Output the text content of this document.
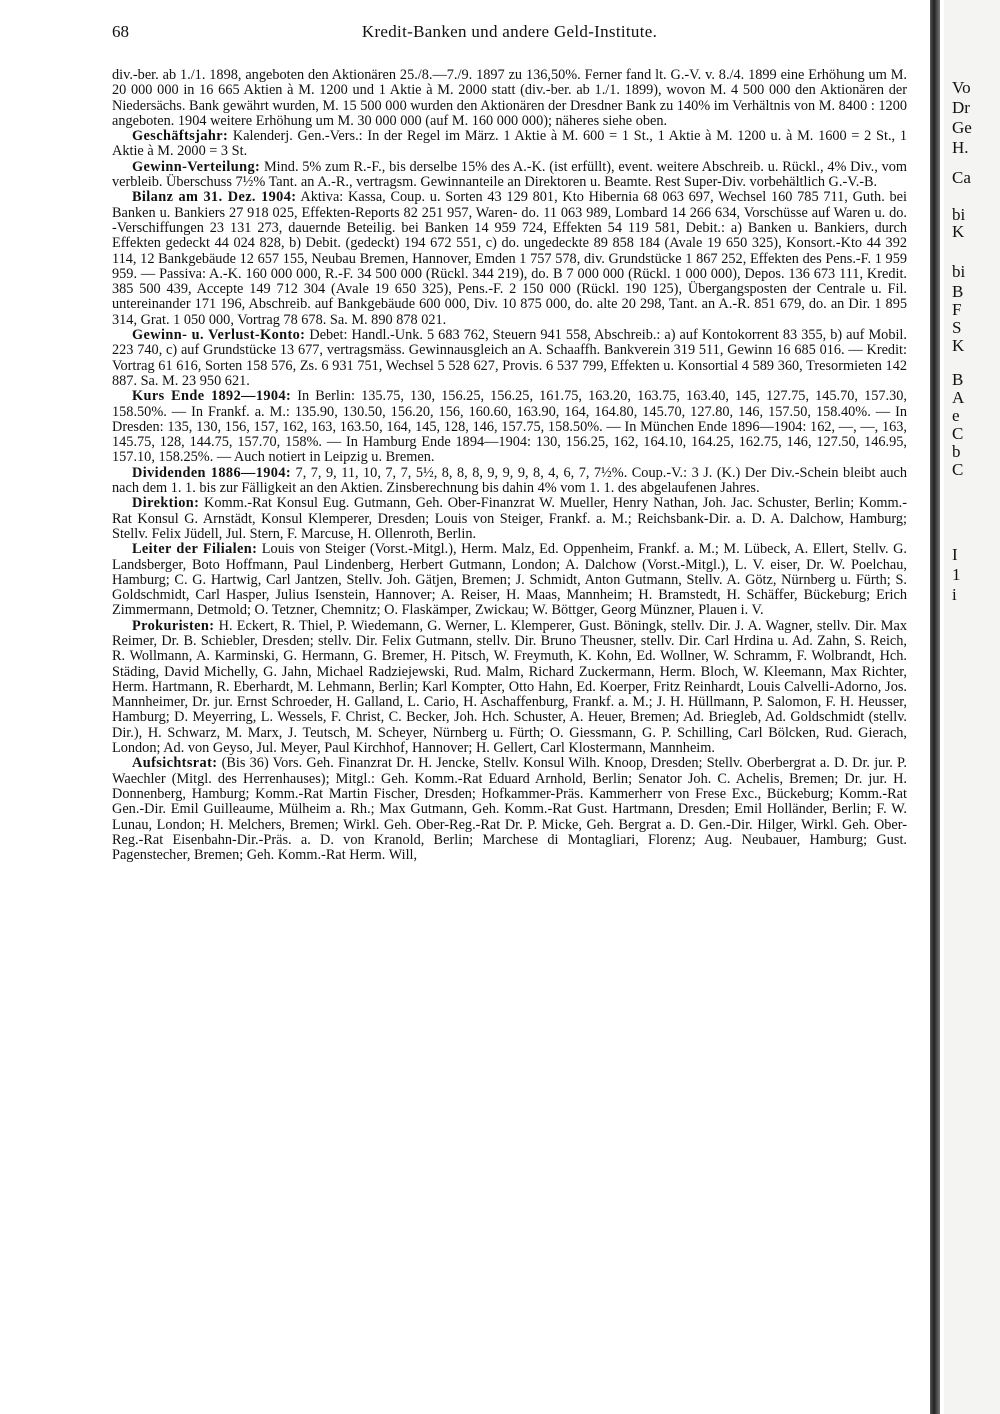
68	Kredit-Banken und andere Geld-Institute.

div.-ber. ab 1./1. 1898, angeboten den Aktionären 25./8.—7./9. 1897 zu 136,50%. Ferner fand lt. G.-V. v. 8./4. 1899 eine Erhöhung um M. 20 000 000 in 16 665 Aktien à M. 1200 und 1 Aktie à M. 2000 statt (div.-ber. ab 1./1. 1899), wovon M. 4 500 000 den Aktionären der Niedersächs. Bank gewährt wurden, M. 15 500 000 wurden den Aktionären der Dresdner Bank zu 140% im Verhältnis von M. 8400 : 1200 angeboten. 1904 weitere Erhöhung um M. 30 000 000 (auf M. 160 000 000); näheres siehe oben.

Geschäftsjahr: Kalenderj. Gen.-Vers.: In der Regel im März. 1 Aktie à M. 600 = 1 St., 1 Aktie à M. 1200 u. à M. 1600 = 2 St., 1 Aktie à M. 2000 = 3 St.

Gewinn-Verteilung: Mind. 5% zum R.-F., bis derselbe 15% des A.-K. (ist erfüllt), event. weitere Abschreib. u. Rückl., 4% Div., vom verbleib. Überschuss 7½% Tant. an A.-R., vertragsm. Gewinnanteile an Direktoren u. Beamte. Rest Super-Div. vorbehältlich G.-V.-B.

Bilanz am 31. Dez. 1904: Aktiva: Kassa, Coup. u. Sorten 43 129 801, Kto Hibernia 68 063 697, Wechsel 160 785 711, Guth. bei Banken u. Bankiers 27 918 025, Effekten-Reports 82 251 957, Waren- do. 11 063 989, Lombard 14 266 634, Vorschüsse auf Waren u. do. -Verschiffungen 23 131 273, dauernde Beteilig. bei Banken 14 959 724, Effekten 54 119 581, Debit.: a) Banken u. Bankiers, durch Effekten gedeckt 44 024 828, b) Debit. (gedeckt) 194 672 551, c) do. ungedeckte 89 858 184 (Avale 19 650 325), Konsort.-Kto 44 392 114, 12 Bankgebäude 12 657 155, Neubau Bremen, Hannover, Emden 1 757 578, div. Grundstücke 1 867 252, Effekten des Pens.-F. 1 959 959. — Passiva: A.-K. 160 000 000, R.-F. 34 500 000 (Rückl. 344 219), do. B 7 000 000 (Rückl. 1 000 000), Depos. 136 673 111, Kredit. 385 500 439, Accepte 149 712 304 (Avale 19 650 325), Pens.-F. 2 150 000 (Rückl. 190 125), Übergangsposten der Centrale u. Fil. untereinander 171 196, Abschreib. auf Bankgebäude 600 000, Div. 10 875 000, do. alte 20 298, Tant. an A.-R. 851 679, do. an Dir. 1 895 314, Grat. 1 050 000, Vortrag 78 678. Sa. M. 890 878 021.

Gewinn- u. Verlust-Konto: Debet: Handl.-Unk. 5 683 762, Steuern 941 558, Abschreib.: a) auf Kontokorrent 83 355, b) auf Mobil. 223 740, c) auf Grundstücke 13 677, vertragsmäss. Gewinnausgleich an A. Schaaffh. Bankverein 319 511, Gewinn 16 685 016. — Kredit: Vortrag 61 616, Sorten 158 576, Zs. 6 931 751, Wechsel 5 528 627, Provis. 6 537 799, Effekten u. Konsortial 4 589 360, Tresormieten 142 887. Sa. M. 23 950 621.

Kurs Ende 1892—1904: In Berlin: 135.75, 130, 156.25, 156.25, 161.75, 163.20, 163.75, 163.40, 145, 127.75, 145.70, 157.30, 158.50%. — In Frankf. a. M.: 135.90, 130.50, 156.20, 156, 160.60, 163.90, 164, 164.80, 145.70, 127.80, 146, 157.50, 158.40%. — In Dresden: 135, 130, 156, 157, 162, 163, 163.50, 164, 145, 128, 146, 157.75, 158.50%. — In München Ende 1896—1904: 162, —, —, 163, 145.75, 128, 144.75, 157.70, 158%. — In Hamburg Ende 1894—1904: 130, 156.25, 162, 164.10, 164.25, 162.75, 146, 127.50, 146.95, 157.10, 158.25%. — Auch notiert in Leipzig u. Bremen.

Dividenden 1886—1904: 7, 7, 9, 11, 10, 7, 7, 5½, 8, 8, 8, 9, 9, 9, 8, 4, 6, 7, 7½%. Coup.-V.: 3 J. (K.) Der Div.-Schein bleibt auch nach dem 1. 1. bis zur Fälligkeit an den Aktien. Zinsberechnung bis dahin 4% vom 1. 1. des abgelaufenen Jahres.

Direktion: Komm.-Rat Konsul Eug. Gutmann, Geh. Ober-Finanzrat W. Mueller, Henry Nathan, Joh. Jac. Schuster, Berlin; Komm.-Rat Konsul G. Arnstädt, Konsul Klemperer, Dresden; Louis von Steiger, Frankf. a. M.; Reichsbank-Dir. a. D. A. Dalchow, Hamburg; Stellv. Felix Jüdell, Jul. Stern, F. Marcuse, H. Ollenroth, Berlin.

Leiter der Filialen: Louis von Steiger (Vorst.-Mitgl.), Herm. Malz, Ed. Oppenheim, Frankf. a. M.; M. Lübeck, A. Ellert, Stellv. G. Landsberger, Boto Hoffmann, Paul Lindenberg, Herbert Gutmann, London; A. Dalchow (Vorst.-Mitgl.), L. V. eiser, Dr. W. Poelchau, Hamburg; C. G. Hartwig, Carl Jantzen, Stellv. Joh. Gätjen, Bremen; J. Schmidt, Anton Gutmann, Stellv. A. Götz, Nürnberg u. Fürth; S. Goldschmidt, Carl Hasper, Julius Isenstein, Hannover; A. Reiser, H. Maas, Mannheim; H. Bramstedt, H. Schäffer, Bückeburg; Erich Zimmermann, Detmold; O. Tetzner, Chemnitz; O. Flaskämper, Zwickau; W. Böttger, Georg Münzner, Plauen i. V.

Prokuristen: H. Eckert, R. Thiel, P. Wiedemann, G. Werner, L. Klemperer, Gust. Böningk, stellv. Dir. J. A. Wagner, stellv. Dir. Max Reimer, Dr. B. Schiebler, Dresden; stellv. Dir. Felix Gutmann, stellv. Dir. Bruno Theusner, stellv. Dir. Carl Hrdina u. Ad. Zahn, S. Reich, R. Wollmann, A. Karminski, G. Hermann, G. Bremer, H. Pitsch, W. Freymuth, K. Kohn, Ed. Wollner, W. Schramm, F. Wolbrandt, Hch. Städing, David Michelly, G. Jahn, Michael Radziejewski, Rud. Malm, Richard Zuckermann, Herm. Bloch, W. Kleemann, Max Richter, Herm. Hartmann, R. Eberhardt, M. Lehmann, Berlin; Karl Kompter, Otto Hahn, Ed. Koerper, Fritz Reinhardt, Louis Calvelli-Adorno, Jos. Mannheimer, Dr. jur. Ernst Schroeder, H. Galland, L. Cario, H. Aschaffenburg, Frankf. a. M.; J. H. Hüllmann, P. Salomon, F. H. Heusser, Hamburg; D. Meyerring, L. Wessels, F. Christ, C. Becker, Joh. Hch. Schuster, A. Heuer, Bremen; Ad. Briegleb, Ad. Goldschmidt (stellv. Dir.), H. Schwarz, M. Marx, J. Teutsch, M. Scheyer, Nürnberg u. Fürth; O. Giessmann, G. P. Schilling, Carl Bölcken, Rud. Gierach, London; Ad. von Geyso, Jul. Meyer, Paul Kirchhof, Hannover; H. Gellert, Carl Klostermann, Mannheim.

Aufsichtsrat: (Bis 36) Vors. Geh. Finanzrat Dr. H. Jencke, Stellv. Konsul Wilh. Knoop, Dresden; Stellv. Oberbergrat a. D. Dr. jur. P. Waechler (Mitgl. des Herrenhauses); Mitgl.: Geh. Komm.-Rat Eduard Arnhold, Berlin; Senator Joh. C. Achelis, Bremen; Dr. jur. H. Donnenberg, Hamburg; Komm.-Rat Martin Fischer, Dresden; Hofkammer-Präs. Kammerherr von Frese Exc., Bückeburg; Komm.-Rat Gen.-Dir. Emil Guilleaume, Mülheim a. Rh.; Max Gutmann, Geh. Komm.-Rat Gust. Hartmann, Dresden; Emil Holländer, Berlin; F. W. Lunau, London; H. Melchers, Bremen; Wirkl. Geh. Ober-Reg.-Rat Dr. P. Micke, Geh. Bergrat a. D. Gen.-Dir. Hilger, Wirkl. Geh. Ober-Reg.-Rat Eisenbahn-Dir.-Präs. a. D. von Kranold, Berlin; Marchese di Montagliari, Florenz; Aug. Neubauer, Hamburg; Gust. Pagenstecher, Bremen; Geh. Komm.-Rat Herm. Will,

Vo
Dr
Ge
H.
Ca
bi
K
bi
B
F
S
K
B
A
e
C
b
C
I
1
i
